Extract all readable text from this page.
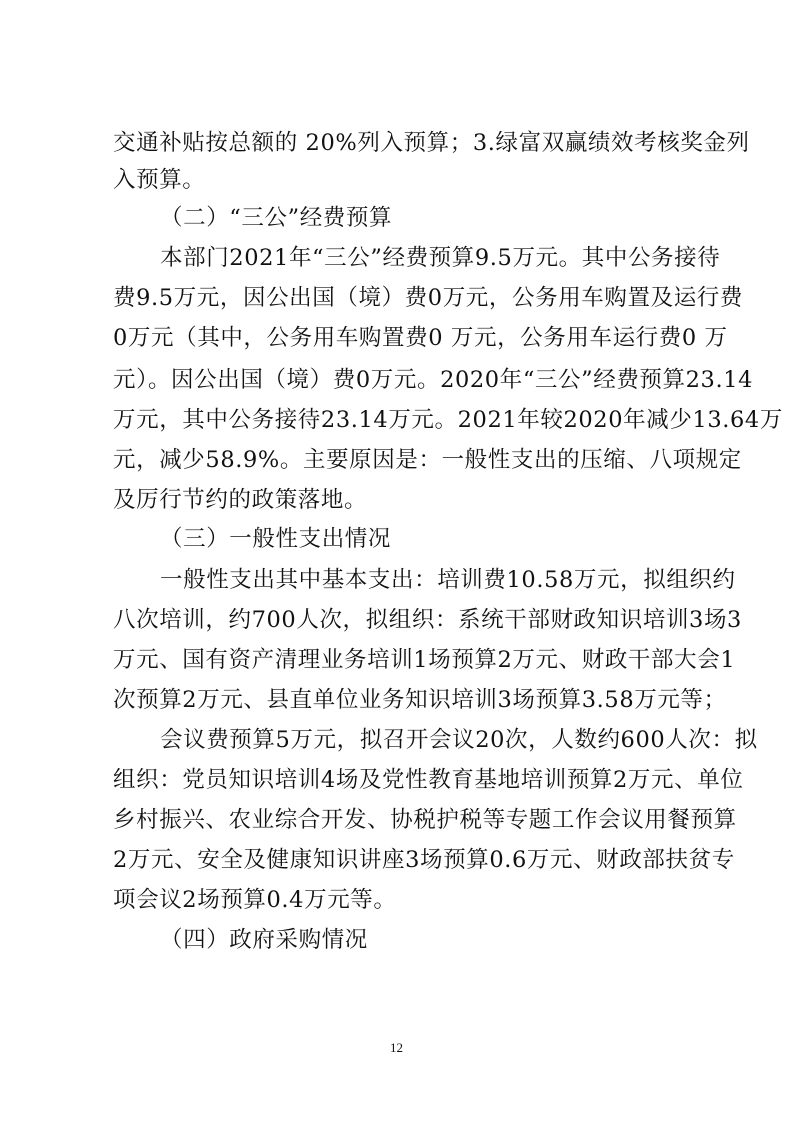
交通补贴按总额的 20%列入预算；3.绿富双赢绩效考核奖金列
入预算。
（二）“三公”经费预算
本部门2021年“三公”经费预算9.5万元。其中公务接待
费9.5万元，因公出国（境）费0万元，公务用车购置及运行费
0万元（其中，公务用车购置费0 万元，公务用车运行费0 万
元）。因公出国（境）费0万元。2020年“三公”经费预算23.14
万元，其中公务接待23.14万元。2021年较2020年减少13.64万
元，减少58.9%。主要原因是：一般性支出的压缩、八项规定
及厉行节约的政策落地。
（三）一般性支出情况
一般性支出其中基本支出：培训费10.58万元，拟组织约
八次培训，约700人次，拟组织：系统干部财政知识培训3场3
万元、国有资产清理业务培训1场预算2万元、财政干部大会1
次预算2万元、县直单位业务知识培训3场预算3.58万元等；
会议费预算5万元，拟召开会议20次，人数约600人次：拟
组织：党员知识培训4场及党性教育基地培训预算2万元、单位
乡村振兴、农业综合开发、协税护税等专题工作会议用餐预算
2万元、安全及健康知识讲座3场预算0.6万元、财政部扶贫专
项会议2场预算0.4万元等。
（四）政府采购情况
12
